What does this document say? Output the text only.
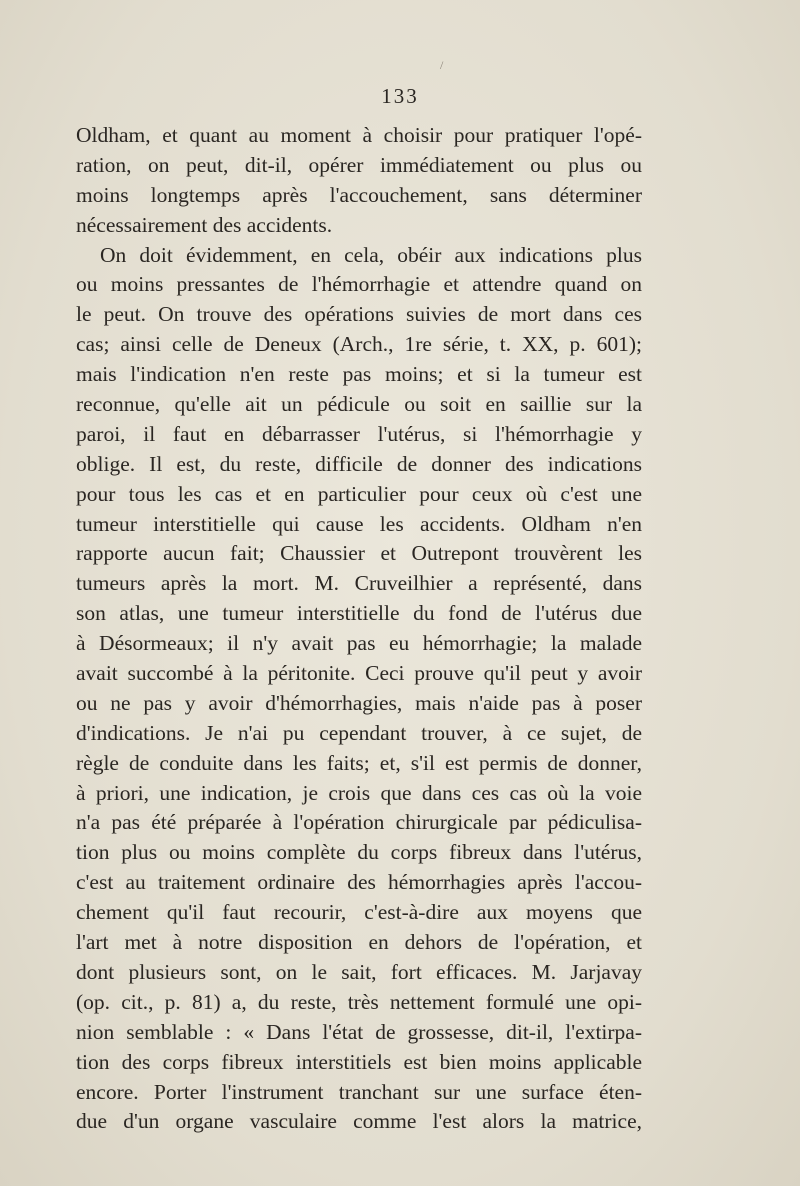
/
133
Oldham, et quant au moment à choisir pour pratiquer l'opé-
ration, on peut, dit-il, opérer immédiatement ou plus ou
moins longtemps après l'accouchement, sans déterminer
nécessairement des accidents.
On doit évidemment, en cela, obéir aux indications plus
ou moins pressantes de l'hémorrhagie et attendre quand on
le peut. On trouve des opérations suivies de mort dans ces
cas; ainsi celle de Deneux (Arch., 1re série, t. XX, p. 601);
mais l'indication n'en reste pas moins; et si la tumeur est
reconnue, qu'elle ait un pédicule ou soit en saillie sur la
paroi, il faut en débarrasser l'utérus, si l'hémorrhagie y
oblige. Il est, du reste, difficile de donner des indications
pour tous les cas et en particulier pour ceux où c'est une
tumeur interstitielle qui cause les accidents. Oldham n'en
rapporte aucun fait; Chaussier et Outrepont trouvèrent les
tumeurs après la mort. M. Cruveilhier a représenté, dans
son atlas, une tumeur interstitielle du fond de l'utérus due
à Désormeaux; il n'y avait pas eu hémorrhagie; la malade
avait succombé à la péritonite. Ceci prouve qu'il peut y avoir
ou ne pas y avoir d'hémorrhagies, mais n'aide pas à poser
d'indications. Je n'ai pu cependant trouver, à ce sujet, de
règle de conduite dans les faits; et, s'il est permis de donner,
à priori, une indication, je crois que dans ces cas où la voie
n'a pas été préparée à l'opération chirurgicale par pédiculisa-
tion plus ou moins complète du corps fibreux dans l'utérus,
c'est au traitement ordinaire des hémorrhagies après l'accou-
chement qu'il faut recourir, c'est-à-dire aux moyens que
l'art met à notre disposition en dehors de l'opération, et
dont plusieurs sont, on le sait, fort efficaces. M. Jarjavay
(op. cit., p. 81) a, du reste, très nettement formulé une opi-
nion semblable : « Dans l'état de grossesse, dit-il, l'extirpa-
tion des corps fibreux interstitiels est bien moins applicable
encore. Porter l'instrument tranchant sur une surface éten-
due d'un organe vasculaire comme l'est alors la matrice,
